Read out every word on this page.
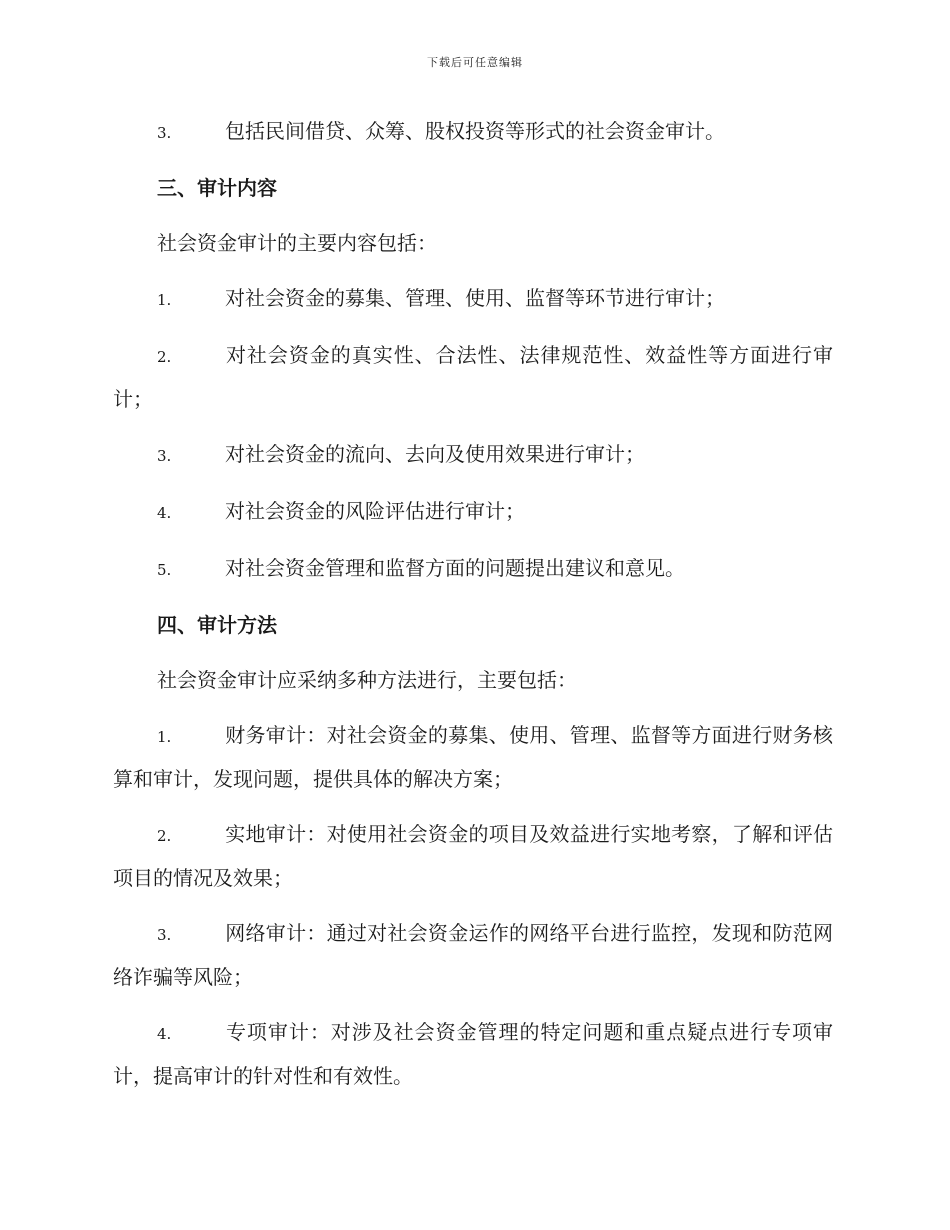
下载后可任意编辑
3.	包括民间借贷、众筹、股权投资等形式的社会资金审计。
三、审计内容
社会资金审计的主要内容包括：
1.	对社会资金的募集、管理、使用、监督等环节进行审计；
2.	对社会资金的真实性、合法性、法律规范性、效益性等方面进行审计；
3.	对社会资金的流向、去向及使用效果进行审计；
4.	对社会资金的风险评估进行审计；
5.	对社会资金管理和监督方面的问题提出建议和意见。
四、审计方法
社会资金审计应采纳多种方法进行，主要包括：
1.	财务审计：对社会资金的募集、使用、管理、监督等方面进行财务核算和审计，发现问题，提供具体的解决方案；
2.	实地审计：对使用社会资金的项目及效益进行实地考察，了解和评估项目的情况及效果；
3.	网络审计：通过对社会资金运作的网络平台进行监控，发现和防范网络诈骗等风险；
4.	专项审计：对涉及社会资金管理的特定问题和重点疑点进行专项审计，提高审计的针对性和有效性。
